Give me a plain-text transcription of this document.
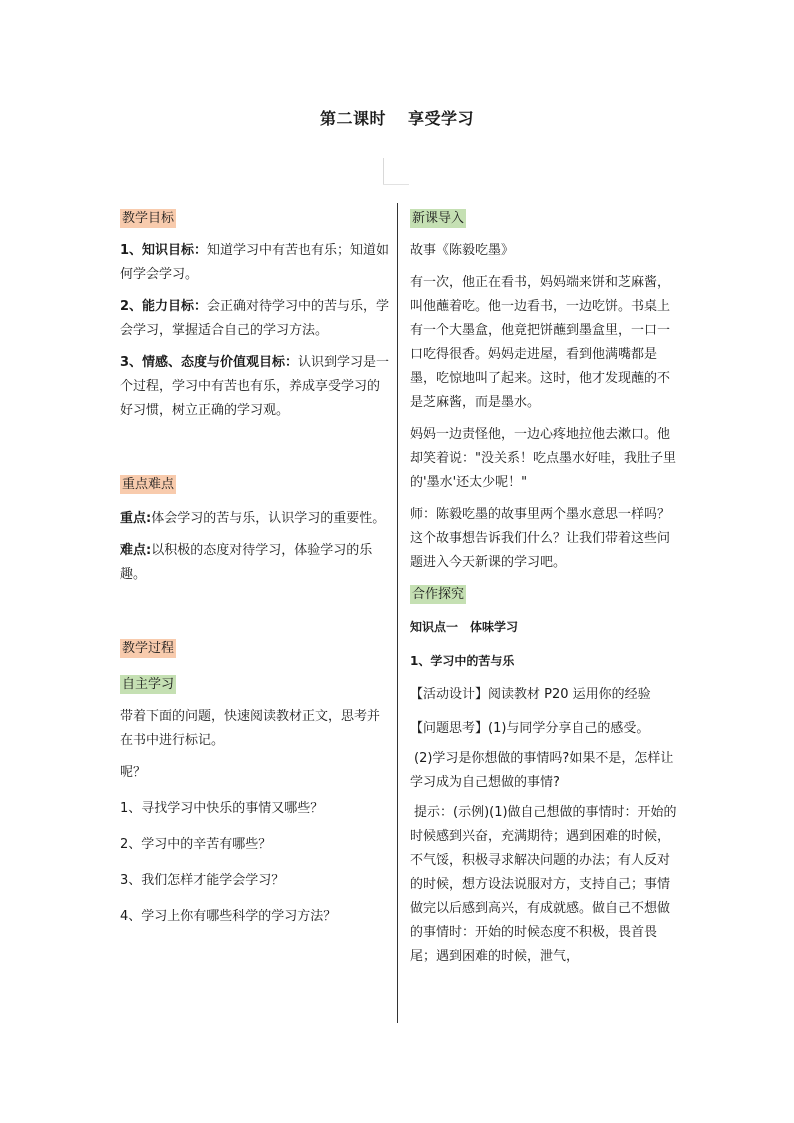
第二课时 享受学习
教学目标

1、知识目标：知道学习中有苦也有乐；知道如何学会学习。

2、能力目标：会正确对待学习中的苦与乐，学会学习，掌握适合自己的学习方法。

3、情感、态度与价值观目标：认识到学习是一个过程，学习中有苦也有乐，养成享受学习的好习惯，树立正确的学习观。

重点难点

重点:体会学习的苦与乐，认识学习的重要性。

难点:以积极的态度对待学习，体验学习的乐趣。

教学过程
自主学习

带着下面的问题，快速阅读教材正文，思考并在书中进行标记。

呢？

1、寻找学习中快乐的事情又哪些？

2、学习中的辛苦有哪些？

3、我们怎样才能学会学习？

4、学习上你有哪些科学的学习方法？

新课导入

故事《陈毅吃墨》

有一次，他正在看书，妈妈端来饼和芝麻酱，叫他蘸着吃。他一边看书，一边吃饼。书桌上有一个大墨盒，他竟把饼蘸到墨盒里，一口一口吃得很香。妈妈走进屋，看到他满嘴都是墨，吃惊地叫了起来。这时，他才发现蘸的不是芝麻酱，而是墨水。

妈妈一边责怪他，一边心疼地拉他去漱口。他却笑着说："没关系！吃点墨水好哇，我肚子里的'墨水'还太少呢！"

师：陈毅吃墨的故事里两个墨水意思一样吗？这个故事想告诉我们什么？让我们带着这些问题进入今天新课的学习吧。

合作探究

知识点一　体味学习

1、学习中的苦与乐

【活动设计】阅读教材 P20 运用你的经验

【问题思考】(1)与同学分享自己的感受。

(2)学习是你想做的事情吗?如果不是，怎样让学习成为自己想做的事情?

提示：(示例)(1)做自己想做的事情时：开始的时候感到兴奋，充满期待；遇到困难的时候，不气馁，积极寻求解决问题的办法；有人反对的时候，想方设法说服对方，支持自己；事情做完以后感到高兴，有成就感。做自己不想做的事情时：开始的时候态度不积极，畏首畏尾；遇到困难的时候，泄气，
